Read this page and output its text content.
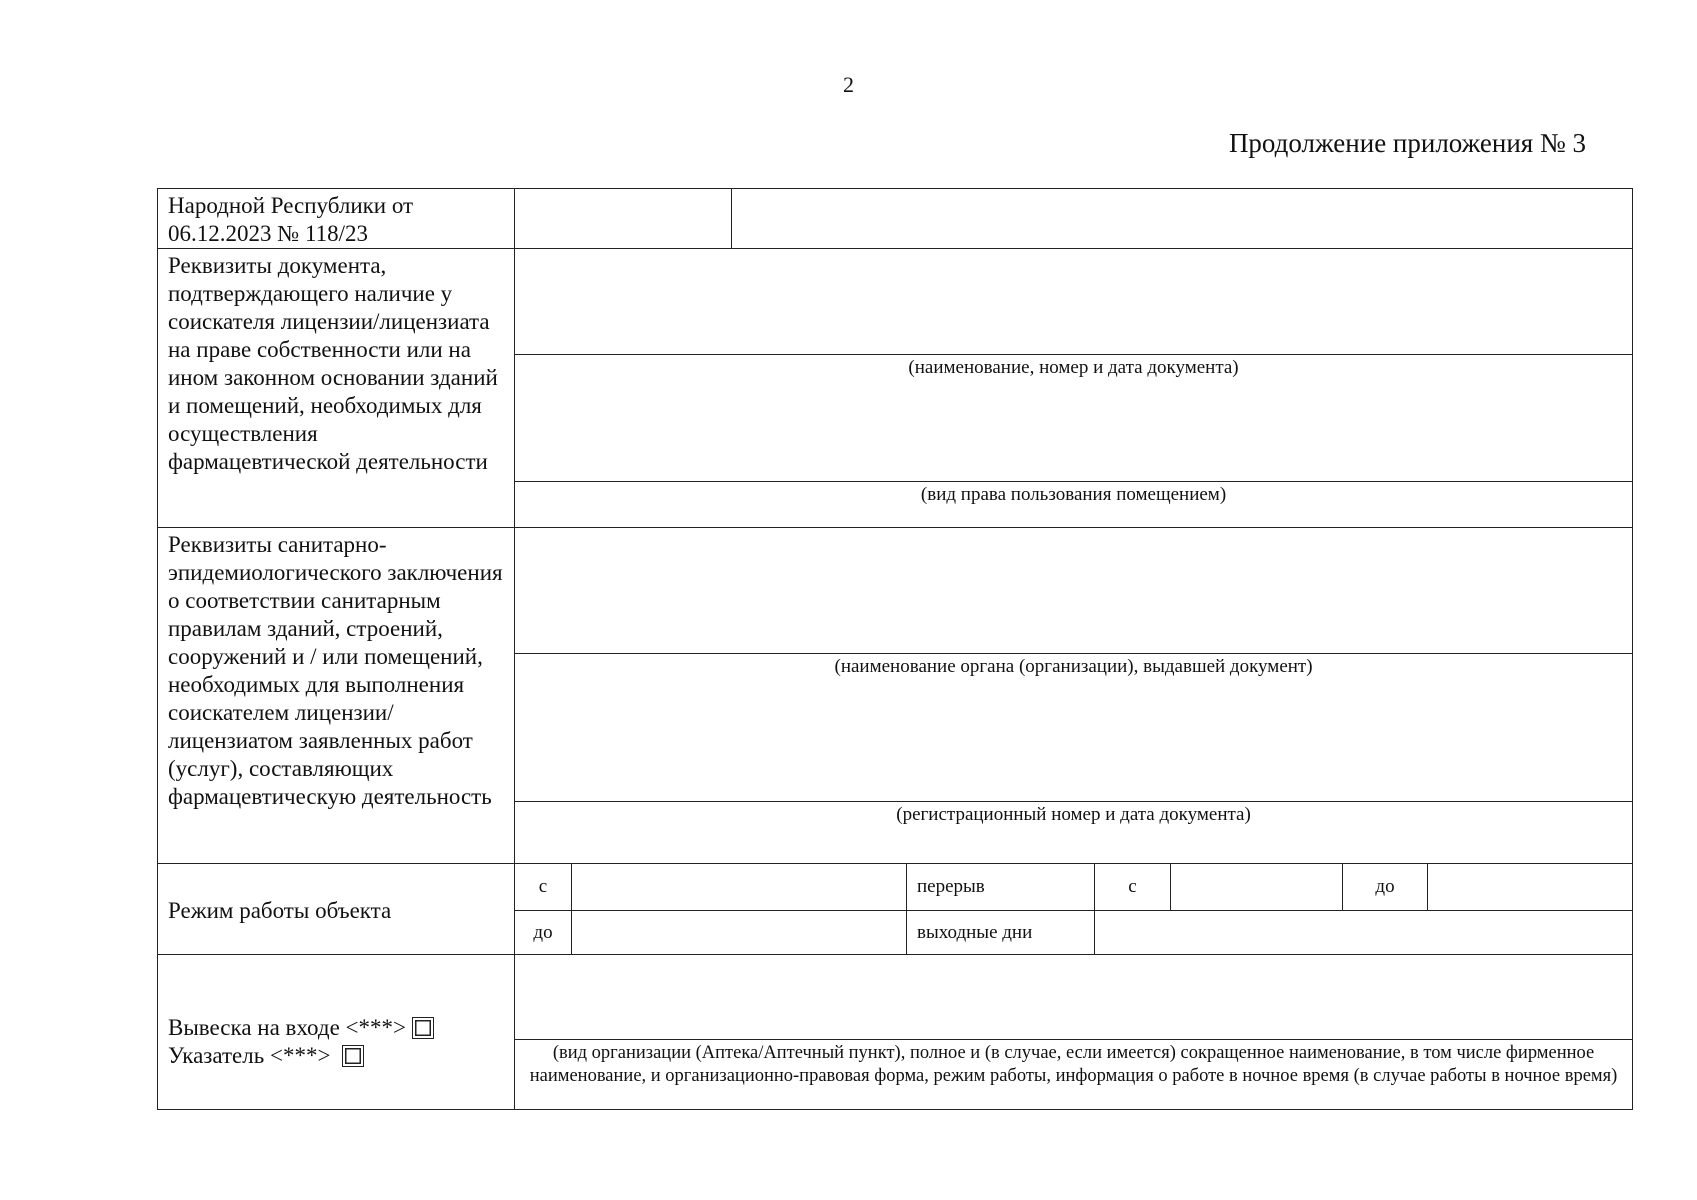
2
Продолжение приложения № 3
Народной Республики от
06.12.2023 № 118/23								

Реквизиты документа, подтверждающего наличие у соискателя лицензии/лицензиата на праве собственности или на ином законном основании зданий и помещений, необходимых для осуществления фармацевтической деятельности								
	(наименование, номер и дата документа)							
	(вид права пользования помещением)							
Реквизиты санитарно-эпидемиологического заключения о соответствии санитарным правилам зданий, строений, сооружений и / или помещений, необходимых для выполнения соискателем лицензии/лицензиатом заявленных работ (услуг), составляющих фармацевтическую деятельность								
	(наименование органа (организации), выдавшей документ)							
	(регистрационный номер и дата документа)							
Режим работы объекта	с			перерыв	с		до	
	до			выходные дни				

Вывеска на входе <***>
Указатель <***>								

	(вид организации (Аптека/Аптечный пункт), полное и (в случае, если имеется) сокращенное наименование, в том числе фирменное наименование, и организационно-правовая форма, режим работы, информация о работе в ночное время (в случае работы в ночное время)							
